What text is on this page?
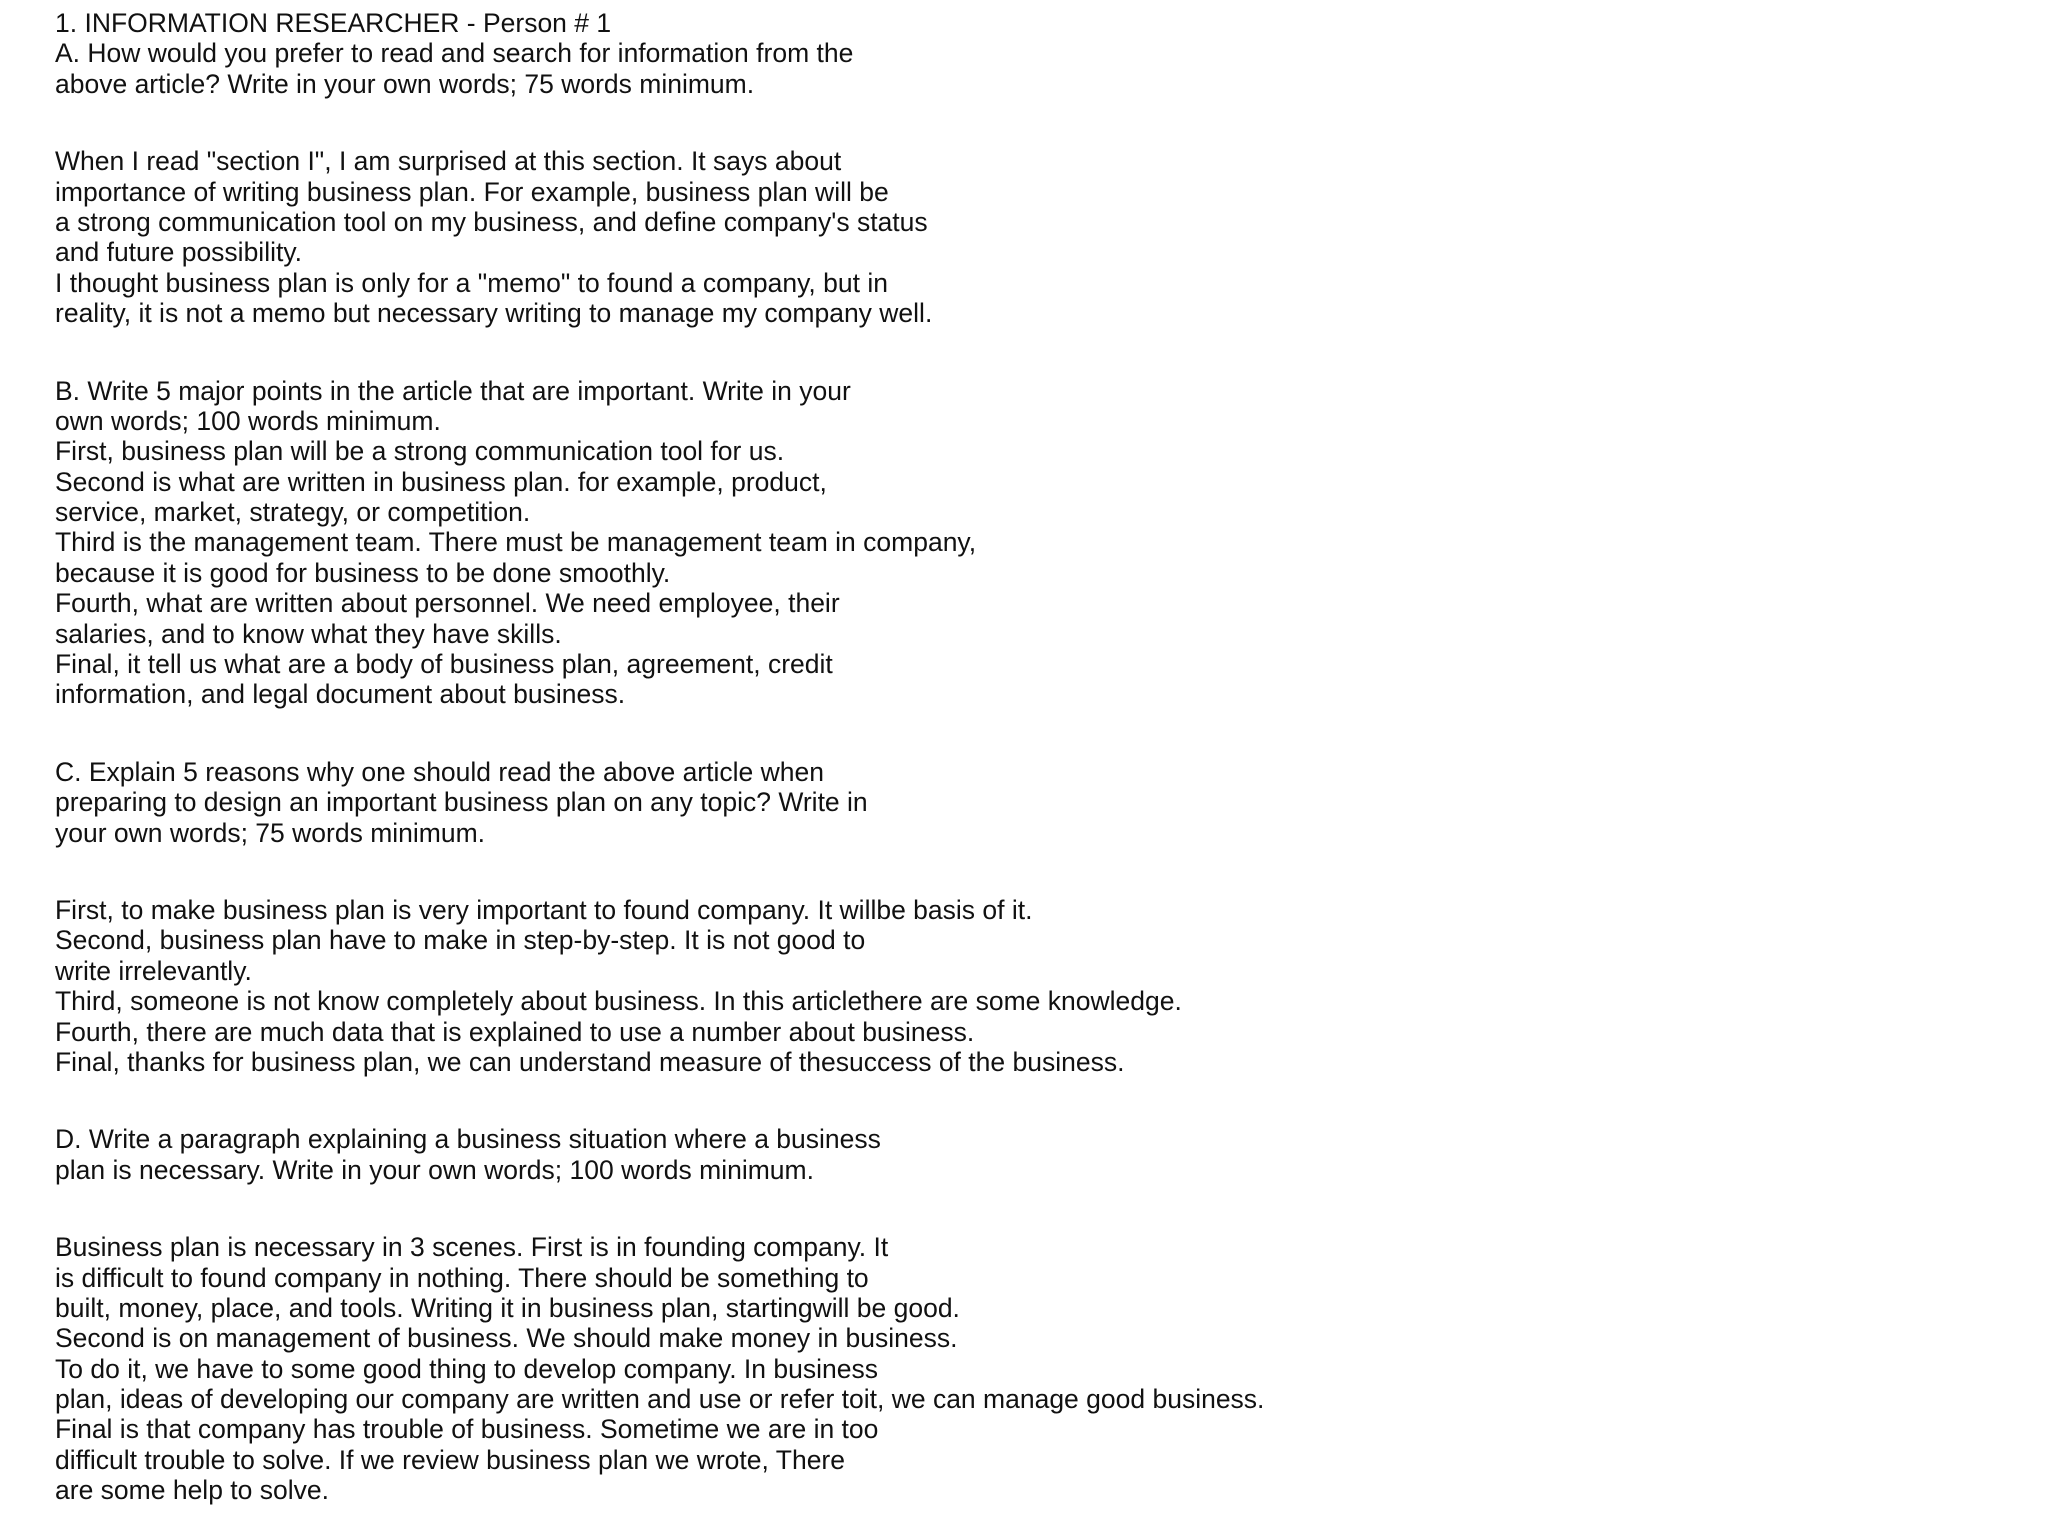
1. INFORMATION RESEARCHER - Person # 1
A. How would you prefer to read and search for information from the
above article? Write in your own words; 75 words minimum.
When I read "section I", I am surprised at this section. It says about
importance of writing business plan. For example, business plan will be
a strong communication tool on my business, and define company's status
and future possibility.
I thought business plan is only for a "memo" to found a company, but in
reality, it is not a memo but necessary writing to manage my company well.
B. Write 5 major points in the article that are important. Write in your
own words; 100 words minimum.
First, business plan will be a strong communication tool for us.
Second is what are written in business plan. for example, product,
service, market, strategy, or competition.
Third is the management team. There must be management team in company,
because it is good for business to be done smoothly.
Fourth, what are written about personnel. We need employee, their
salaries, and to know what they have skills.
Final, it tell us what are a body of business plan, agreement, credit
information, and legal document about business.
C. Explain 5 reasons why one should read the above article when
preparing to design an important business plan on any topic? Write in
your own words; 75 words minimum.
First, to make business plan is very important to found company. It willbe basis of it.
Second, business plan have to make in step-by-step. It is not good to
write irrelevantly.
Third, someone is not know completely about business. In this articlethere are some knowledge.
Fourth, there are much data that is explained to use a number about business.
Final, thanks for business plan, we can understand measure of thesuccess of the business.
D. Write a paragraph explaining a business situation where a business
plan is necessary. Write in your own words; 100 words minimum.
Business plan is necessary in 3 scenes. First is in founding company. It
is difficult to found company in nothing. There should be something to
built, money, place, and tools. Writing it in business plan, startingwill be good.
Second is on management of business. We should make money in business.
To do it, we have to some good thing to develop company. In business
plan, ideas of developing our company are written and use or refer toit, we can manage good business.
Final is that company has trouble of business. Sometime we are in too
difficult trouble to solve. If we review business plan we wrote, There
are some help to solve.
